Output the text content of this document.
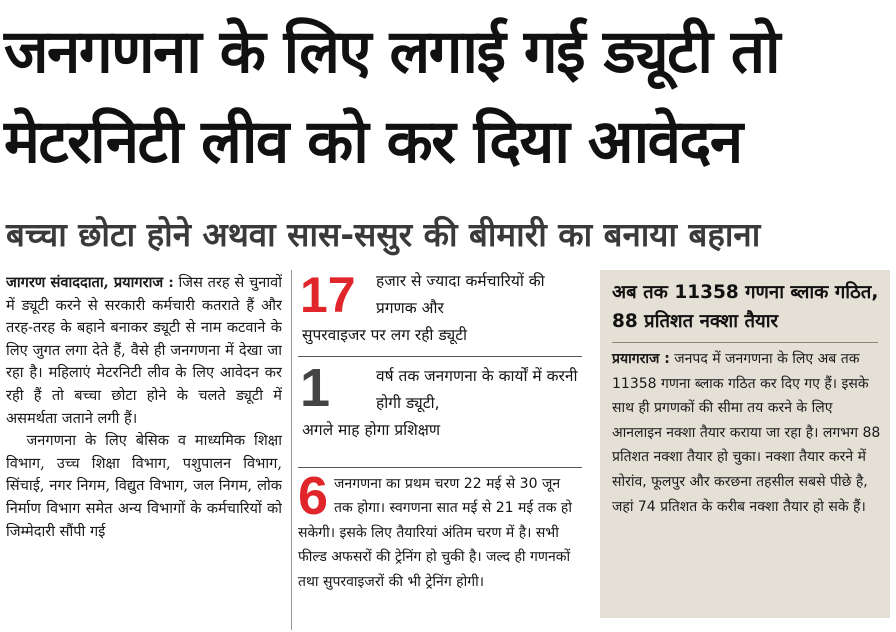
जनगणना के लिए लगाई गई ड्यूटी तो
मेटरनिटी लीव को कर दिया आवेदन
बच्चा छोटा होने अथवा सास-ससुर की बीमारी का बनाया बहाना

जागरण संवाददाता, प्रयागराज : जिस तरह से चुनावों में ड्यूटी करने से सरकारी कर्मचारी कतराते हैं और तरह-तरह के बहाने बनाकर ड्यूटी से नाम कटवाने के लिए जुगत लगा देते हैं, वैसे ही जनगणना में देखा जा रहा है। महिलाएं मेटरनिटी लीव के लिए आवेदन कर रही हैं तो बच्चा छोटा होने के चलते ड्यूटी में असमर्थता जताने लगी हैं।

जनगणना के लिए बेसिक व माध्यमिक शिक्षा विभाग, उच्च शिक्षा विभाग, पशुपालन विभाग, सिंचाई, नगर निगम, विद्युत विभाग, जल निगम, लोक निर्माण विभाग समेत अन्य विभागों के कर्मचारियों को जिम्मेदारी सौंपी गई

17	हजार से ज्यादा कर्मचारियों की प्रगणक और

सुपरवाइजर पर लग रही ड्यूटी

1	वर्ष तक जनगणना के कार्यों में करनी होगी ड्यूटी,

अगले माह होगा प्रशिक्षण

6 जनगणना का प्रथम चरण 22 मई से 30 जून तक होगा। स्वगणना सात मई से 21 मई तक हो सकेगी। इसके लिए तैयारियां अंतिम चरण में है। सभी फील्ड अफसरों की ट्रेनिंग हो चुकी है। जल्द ही गणनकों तथा सुपरवाइजरों की भी ट्रेनिंग होगी।

अब तक 11358 गणना ब्लाक गठित, 88 प्रतिशत नक्शा तैयार

प्रयागराज : जनपद में जनगणना के लिए अब तक 11358 गणना ब्लाक गठित कर दिए गए हैं। इसके साथ ही प्रगणकों की सीमा तय करने के लिए आनलाइन नक्शा तैयार कराया जा रहा है। लगभग 88 प्रतिशत नक्शा तैयार हो चुका। नक्शा तैयार करने में सोरांव, फूलपुर और करछना तहसील सबसे पीछे है, जहां 74 प्रतिशत के करीब नक्शा तैयार हो सके हैं।
